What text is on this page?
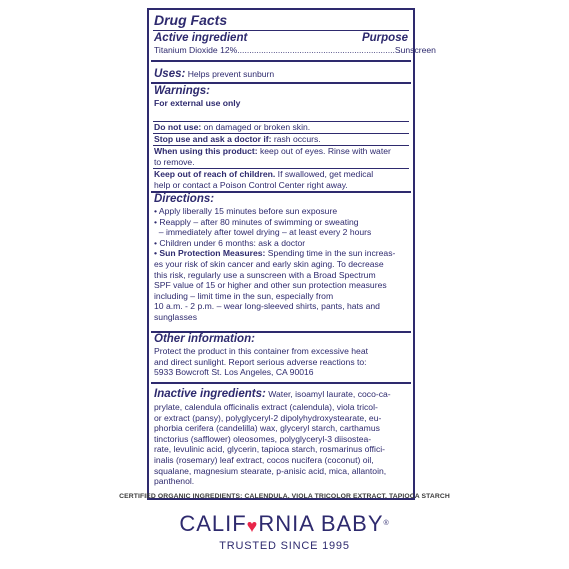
Drug Facts
Active ingredient	Purpose
Titanium Dioxide 12% .................................................................. Sunscreen
Uses: Helps prevent sunburn
Warnings:
For external use only
Do not use: on damaged or broken skin.
Stop use and ask a doctor if: rash occurs.
When using this product: keep out of eyes. Rinse with water
to remove.
Keep out of reach of children. If swallowed, get medical
help or contact a Poison Control Center right away.
Directions:
• Apply liberally 15 minutes before sun exposure
• Reapply – after 80 minutes of swimming or sweating
– immediately after towel drying – at least every 2 hours
• Children under 6 months: ask a doctor
• Sun Protection Measures: Spending time in the sun increas-
es your risk of skin cancer and early skin aging. To decrease
this risk, regularly use a sunscreen with a Broad Spectrum
SPF value of 15 or higher and other sun protection measures
including – limit time in the sun, especially from
10 a.m. - 2 p.m. – wear long-sleeved shirts, pants, hats and
sunglasses
Other information:
Protect the product in this container from excessive heat
and direct sunlight. Report serious adverse reactions to:
5933 Bowcroft St. Los Angeles, CA 90016
Inactive ingredients: Water, isoamyl laurate, coco-ca-
prylate, calendula officinalis extract (calendula), viola tricol-
or extract (pansy), polyglyceryl-2 dipolyhydroxystearate, eu-
phorbia cerifera (candelilla) wax, glyceryl starch, carthamus
tinctorius (safflower) oleosomes, polyglyceryl-3 diisostea-
rate, levulinic acid, glycerin, tapioca starch, rosmarinus offici-
inalis (rosemary) leaf extract, cocos nucifera (coconut) oil,
squalane, magnesium stearate, p-anisic acid, mica, allantoin,
panthenol.
CERTIFIED ORGANIC INGREDIENTS: CALENDULA, VIOLA TRICOLOR EXTRACT, TAPIOCA STARCH
CALIF♥RNIA BABY®
TRUSTED SINCE 1995
